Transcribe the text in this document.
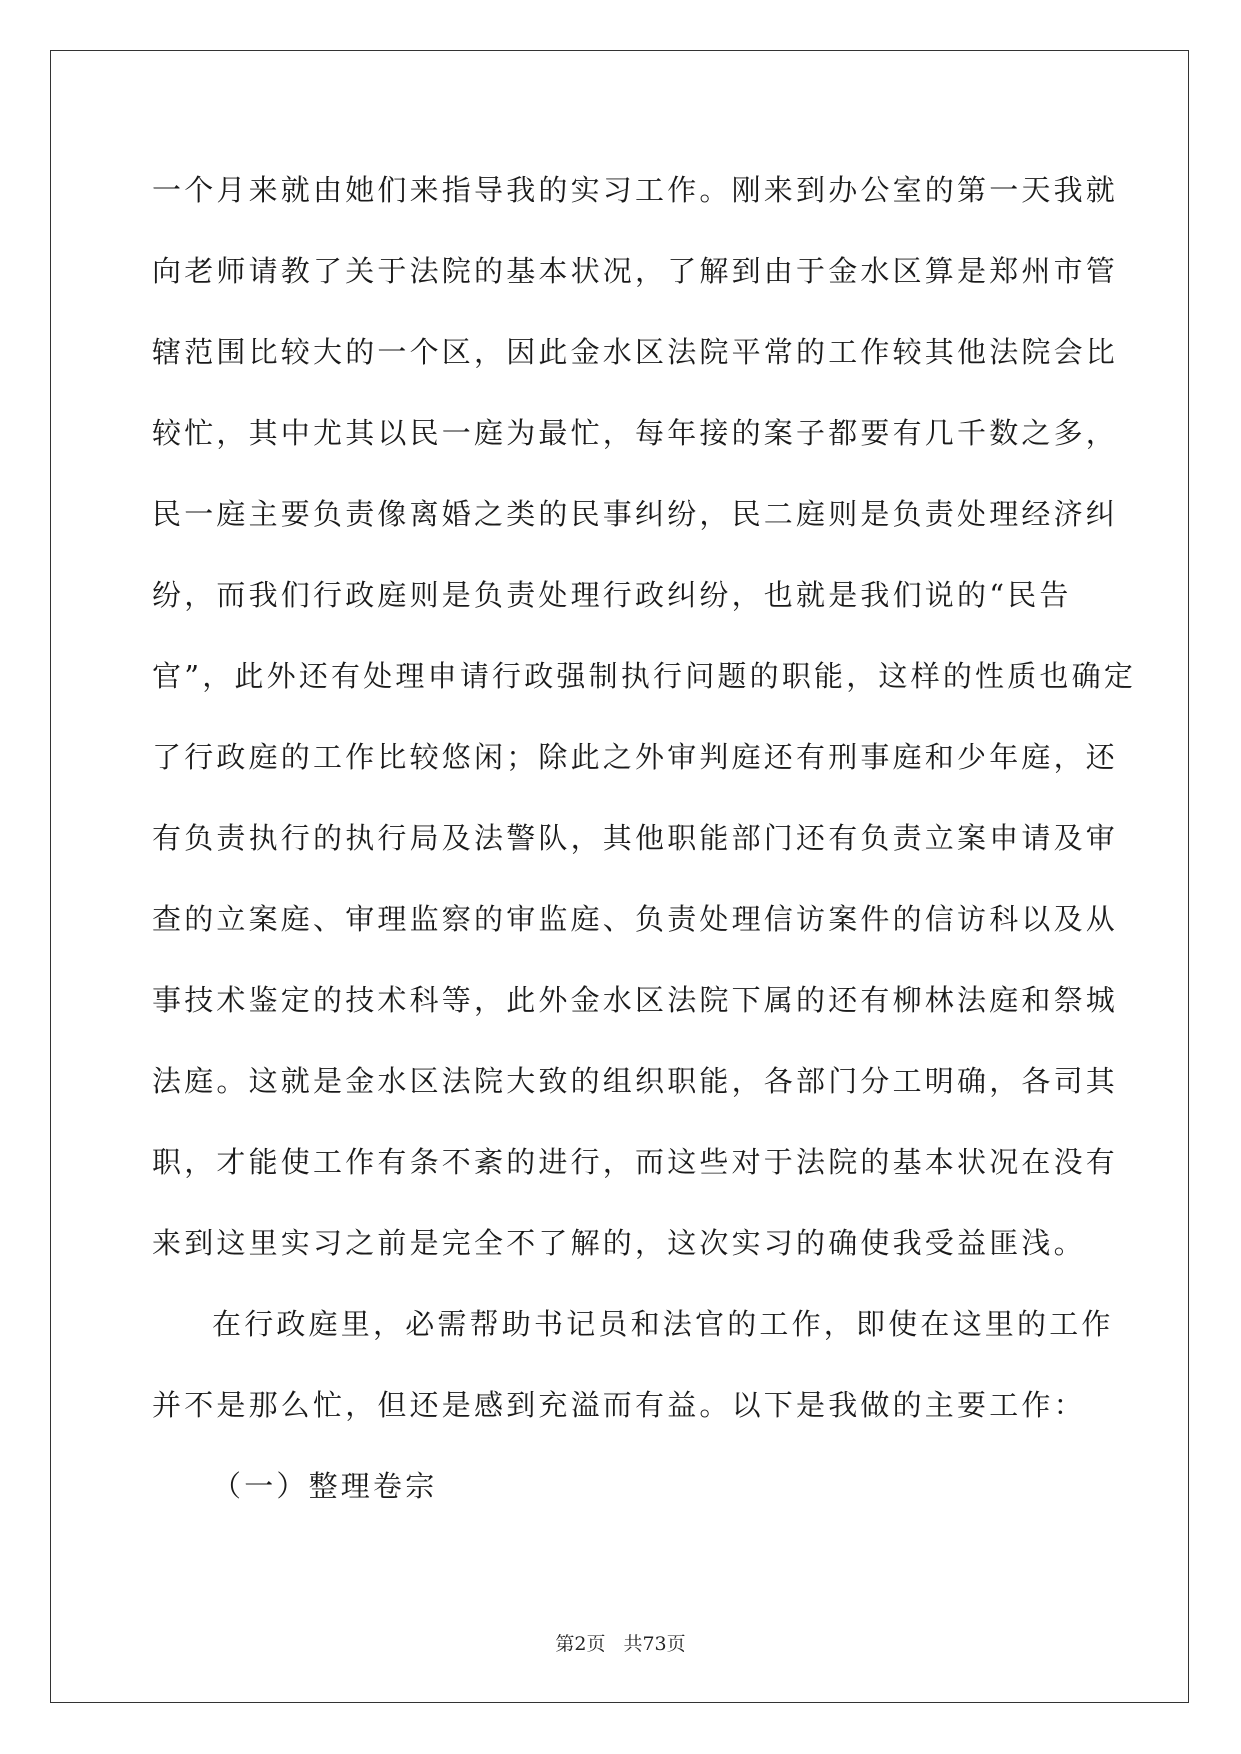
一个月来就由她们来指导我的实习工作。刚来到办公室的第一天我就
向老师请教了关于法院的基本状况，了解到由于金水区算是郑州市管
辖范围比较大的一个区，因此金水区法院平常的工作较其他法院会比
较忙，其中尤其以民一庭为最忙，每年接的案子都要有几千数之多，
民一庭主要负责像离婚之类的民事纠纷，民二庭则是负责处理经济纠
纷，而我们行政庭则是负责处理行政纠纷，也就是我们说的“民告
官”，此外还有处理申请行政强制执行问题的职能，这样的性质也确定
了行政庭的工作比较悠闲；除此之外审判庭还有刑事庭和少年庭，还
有负责执行的执行局及法警队，其他职能部门还有负责立案申请及审
查的立案庭、审理监察的审监庭、负责处理信访案件的信访科以及从
事技术鉴定的技术科等，此外金水区法院下属的还有柳林法庭和祭城
法庭。这就是金水区法院大致的组织职能，各部门分工明确，各司其
职，才能使工作有条不紊的进行，而这些对于法院的基本状况在没有
来到这里实习之前是完全不了解的，这次实习的确使我受益匪浅。
在行政庭里，必需帮助书记员和法官的工作，即使在这里的工作
并不是那么忙，但还是感到充溢而有益。以下是我做的主要工作：
（一）整理卷宗
第2页 共73页
